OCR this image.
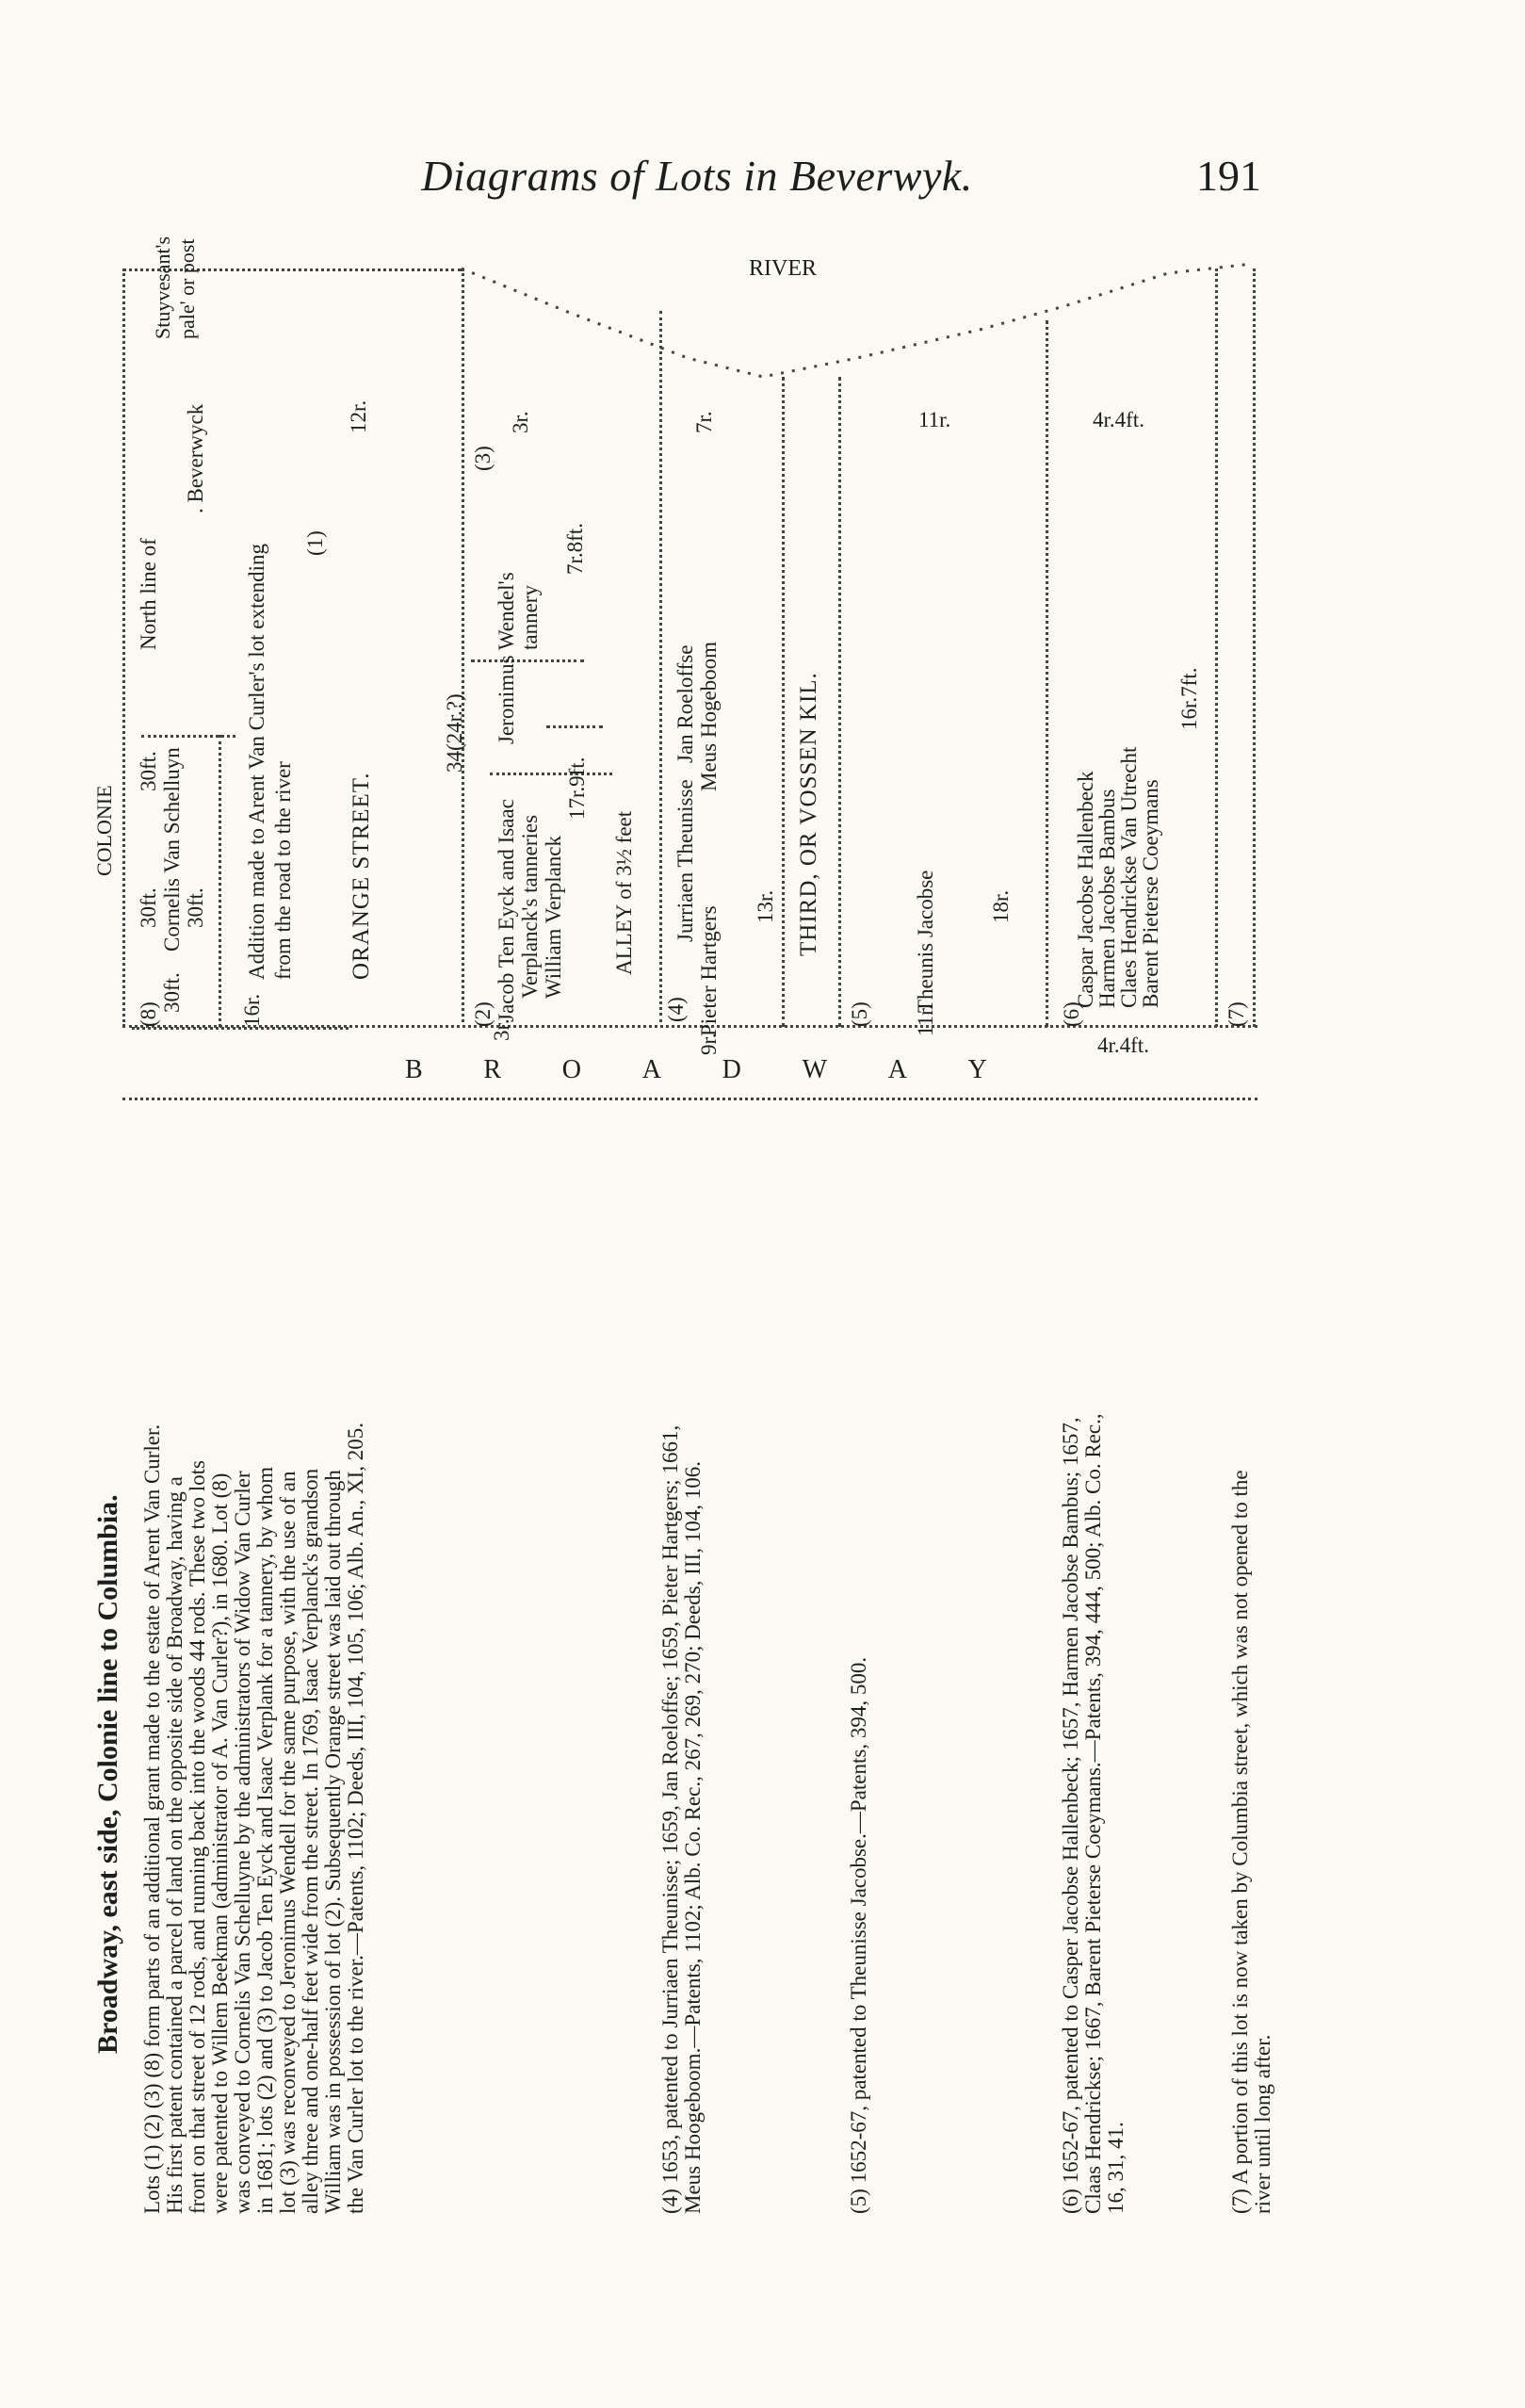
Diagrams of Lots in Beverwyk.	191
COLONIE
RIVER
Stuyvesant's pale' or post
North line of
. Beverwyck
(8)
Cornelis Van Schelluyn
30ft.
30ft. 30ft.
30ft.
16r.
Addition made to Arent Van Curler's lot extending from the road to the river
(1)
12r.
ORANGE STREET.
(2)
3r.
Jacob Ten Eyck and Isaac Verplanck's tanneries William Verplanck
17r.9ft.
34(24r.?)
(3)
3r.
Jeronimus Wendel's tannery
7r.8ft.
ALLEY of 3½ feet
(4)
Jurriaen Theunisse
Pieter Hartgers
9r.
Jan Roeloffse Meus Hogeboom
7r.
13r. THIRD, OR VOSSEN KIL.
(5) 11r.
Theunis Jacobse 18r.
11r.
(6)
Caspar Jacobse Hallenbeck
Harmen Jacobse Bambus
Claes Hendrickse Van Utrecht
Barent Pieterse Coeymans
16r.7ft.
4r.4ft.
4r.4ft.
(7)
B R O A D W A Y
Broadway, east side, Colonie line to Columbia. Lots (1) (2) (3) (8) form parts of an additional grant made to the estate of Arent Van Curler. His first patent contained a parcel of land on the opposite side of Broadway, having a front on that street of 12 rods, and running back into the woods 44 rods. These two lots were patented to Willem Beekman (administrator of A. Van Curler?), in 1680. Lot (8) was conveyed to Cornelis Van Schelluyne by the administrators of Widow Van Curler in 1681; lots (2) and (3) to Jacob Ten Eyck and Isaac Verplank for a tannery, by whom lot (3) was reconveyed to Jeronimus Wendell for the same purpose, with the use of an alley three and one-half feet wide from the street. In 1769, Isaac Verplanck's grandson William was in possession of lot (2). Subsequently Orange street was laid out through the Van Curler lot to the river.—Patents, 1102; Deeds, III, 104, 105, 106; Alb. An., XI, 205.	(4) 1653, patented to Jurriaen Theunisse; 1659, Jan Roeloffse; 1659, Pieter Hartgers; 1661, Meus Hoogeboom.—Patents, 1102; Alb. Co. Rec., 267, 269, 270; Deeds, III, 104, 106.	(5) 1652-67, patented to Theunisse Jacobse.—Patents, 394, 500.	(6) 1652-67, patented to Casper Jacobse Hallenbeck; 1657, Harmen Jacobse Bambus; 1657, Claas Hendrickse; 1667, Barent Pieterse Coeymans.—Patents, 394, 444, 500; Alb. Co. Rec., 16, 31, 41.	(7) A portion of this lot is now taken by Columbia street, which was not opened to the river until long after.
